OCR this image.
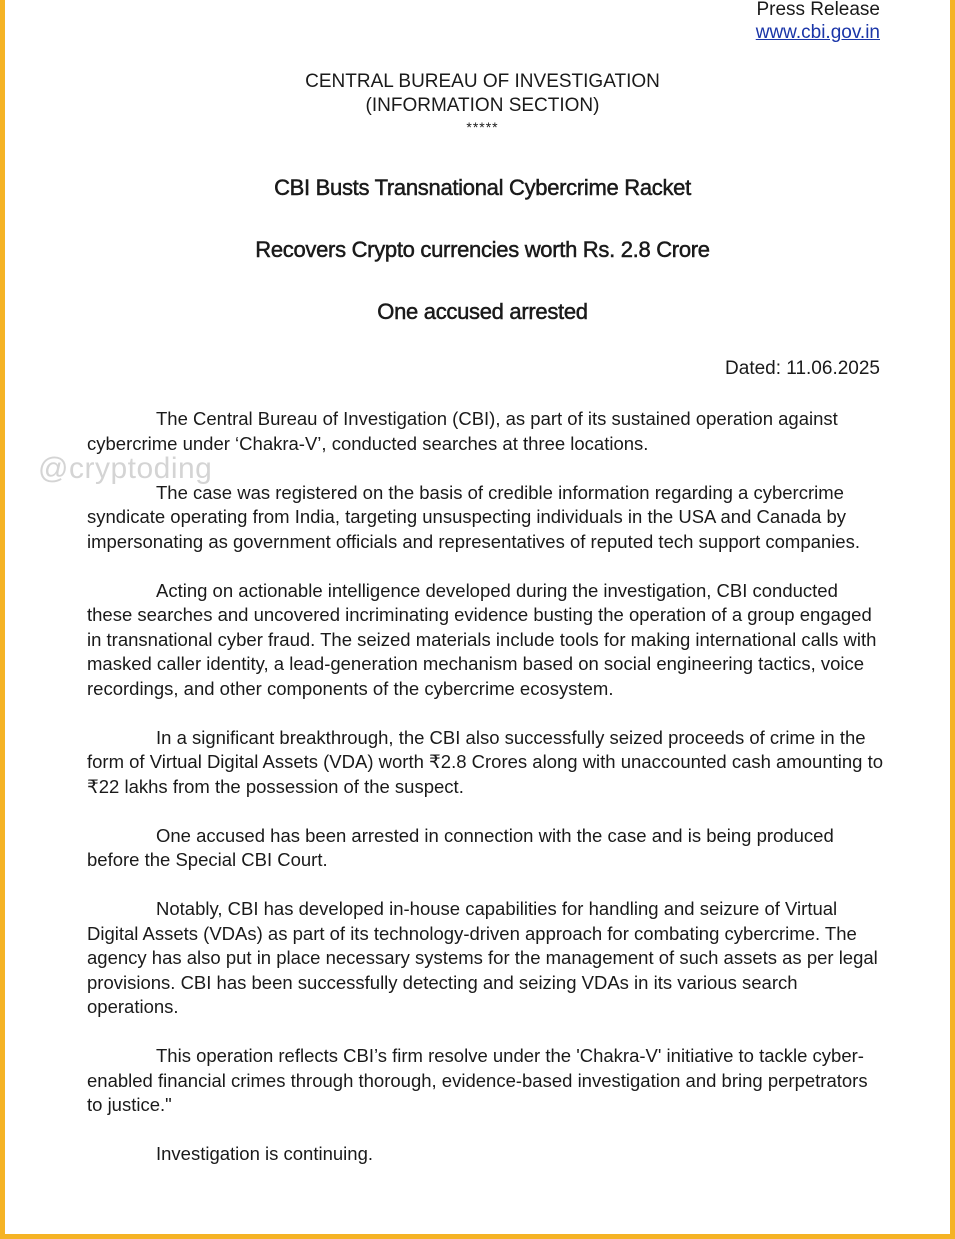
Press Release
www.cbi.gov.in
CENTRAL BUREAU OF INVESTIGATION
(INFORMATION SECTION)
*****
CBI Busts Transnational Cybercrime Racket
Recovers Crypto currencies worth Rs. 2.8 Crore
One accused arrested
Dated: 11.06.2025

The Central Bureau of Investigation (CBI), as part of its sustained operation against cybercrime under ‘Chakra-V’, conducted searches at three locations.

The case was registered on the basis of credible information regarding a cybercrime syndicate operating from India, targeting unsuspecting individuals in the USA and Canada by impersonating as government officials and representatives of reputed tech support companies.

Acting on actionable intelligence developed during the investigation, CBI conducted these searches and uncovered incriminating evidence busting the operation of a group engaged in transnational cyber fraud. The seized materials include tools for making international calls with masked caller identity, a lead-generation mechanism based on social engineering tactics, voice recordings, and other components of the cybercrime ecosystem.

In a significant breakthrough, the CBI also successfully seized proceeds of crime in the form of Virtual Digital Assets (VDA) worth ₹2.8 Crores along with unaccounted cash amounting to ₹22 lakhs from the possession of the suspect.

One accused has been arrested in connection with the case and is being produced before the Special CBI Court.

Notably, CBI has developed in-house capabilities for handling and seizure of Virtual Digital Assets (VDAs) as part of its technology-driven approach for combating cybercrime. The agency has also put in place necessary systems for the management of such assets as per legal provisions. CBI has been successfully detecting and seizing VDAs in its various search operations.

This operation reflects CBI’s firm resolve under the 'Chakra-V' initiative to tackle cyber-enabled financial crimes through thorough, evidence-based investigation and bring perpetrators to justice."

Investigation is continuing.

@cryptoding
